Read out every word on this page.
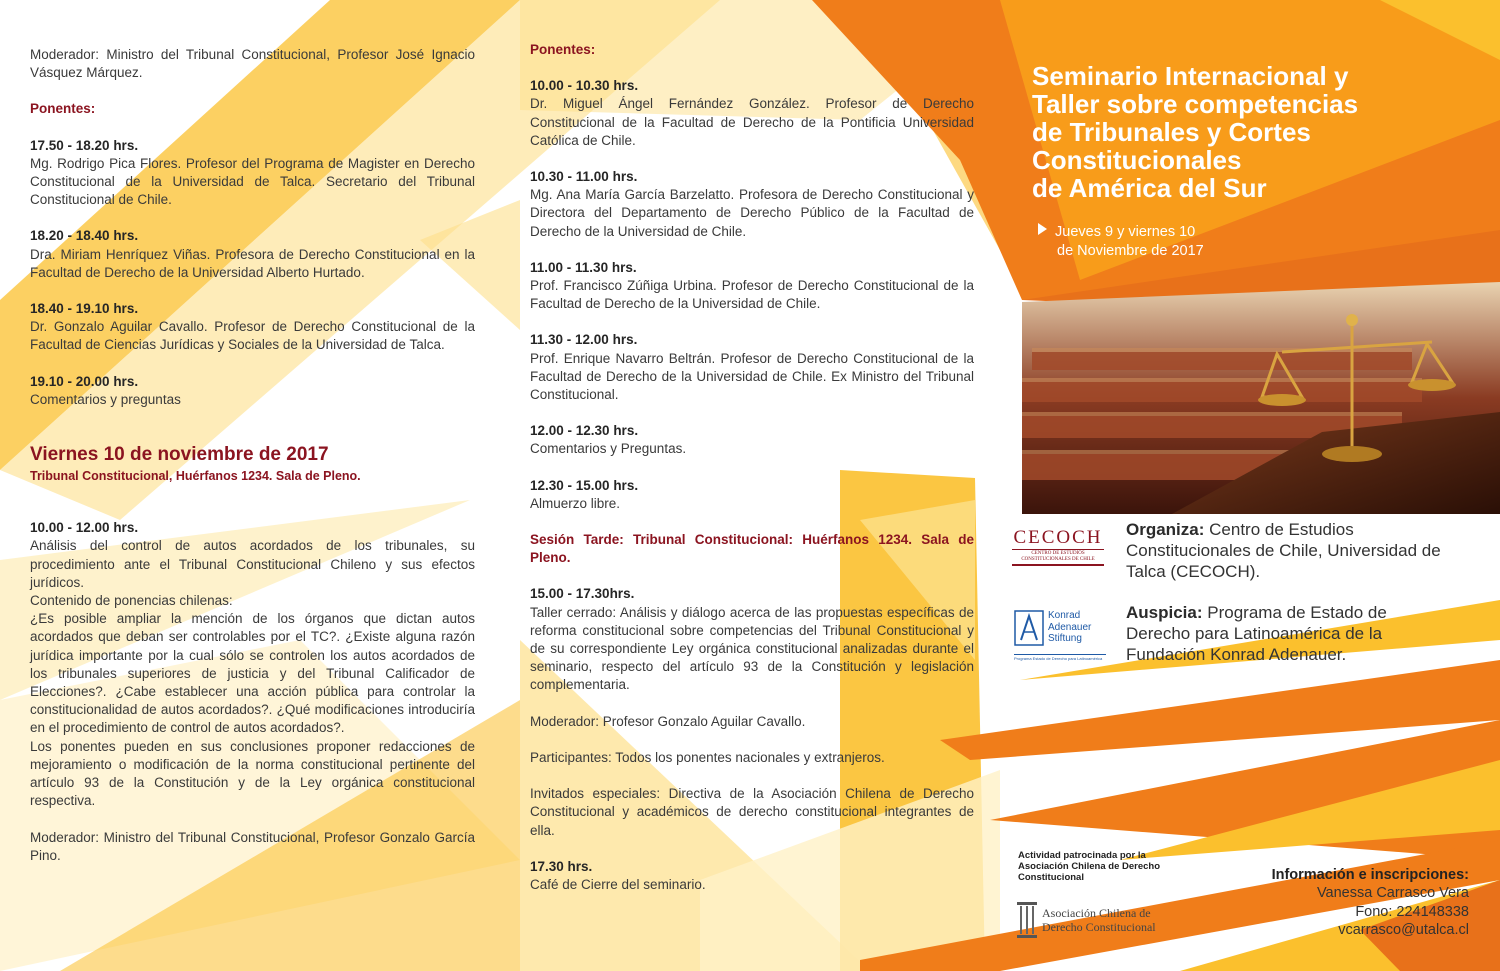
Moderador: Ministro del Tribunal Constitucional, Profesor José Ignacio Vásquez Márquez.

Ponentes:

17.50 - 18.20 hrs.

Mg. Rodrigo Pica Flores. Profesor del Programa de Magister en Derecho Constitucional de la Universidad de Talca. Secretario del Tribunal Constitucional de Chile.

18.20 - 18.40 hrs.

Dra. Miriam Henríquez Viñas. Profesora de Derecho Constitucional en la Facultad de Derecho de la Universidad Alberto Hurtado.

18.40 - 19.10 hrs.

Dr. Gonzalo Aguilar Cavallo. Profesor de Derecho Constitucional de la Facultad de Ciencias Jurídicas y Sociales de la Universidad de Talca.

19.10 - 20.00 hrs.

Comentarios y preguntas

Viernes 10 de noviembre de 2017

Tribunal Constitucional, Huérfanos 1234. Sala de Pleno.

10.00 - 12.00 hrs.

Análisis del control de autos acordados de los tribunales, su procedimiento ante el Tribunal Constitucional Chileno y sus efectos jurídicos.

Contenido de ponencias chilenas:

¿Es posible ampliar la mención de los órganos que dictan autos acordados que deban ser controlables por el TC?. ¿Existe alguna razón jurídica importante por la cual sólo se controlen los autos acordados de los tribunales superiores de justicia y del Tribunal Calificador de Elecciones?. ¿Cabe establecer una acción pública para controlar la constitucionalidad de autos acordados?. ¿Qué modificaciones introduciría en el procedimiento de control de autos acordados?.

Los ponentes pueden en sus conclusiones proponer redacciones de mejoramiento o modificación de la norma constitucional pertinente del artículo 93 de la Constitución y de la Ley orgánica constitucional respectiva.

Moderador: Ministro del Tribunal Constitucional, Profesor Gonzalo García Pino.

Ponentes:

10.00 - 10.30 hrs.

Dr. Miguel Ángel Fernández González. Profesor de Derecho Constitucional de la Facultad de Derecho de la Pontificia Universidad Católica de Chile.

10.30 - 11.00 hrs.

Mg. Ana María García Barzelatto. Profesora de Derecho Constitucional y Directora del Departamento de Derecho Público de la Facultad de Derecho de la Universidad de Chile.

11.00 - 11.30 hrs.

Prof. Francisco Zúñiga Urbina. Profesor de Derecho Constitucional de la Facultad de Derecho de la Universidad de Chile.

11.30 - 12.00 hrs.

Prof. Enrique Navarro Beltrán. Profesor de Derecho Constitucional de la Facultad de Derecho de la Universidad de Chile. Ex Ministro del Tribunal Constitucional.

12.00 - 12.30 hrs.

Comentarios y Preguntas.

12.30 - 15.00 hrs.

Almuerzo libre.

Sesión Tarde: Tribunal Constitucional: Huérfanos 1234. Sala de Pleno.

15.00 - 17.30hrs.

Taller cerrado: Análisis y diálogo acerca de las propuestas específicas de reforma constitucional sobre competencias del Tribunal Constitucional y de su correspondiente Ley orgánica constitucional analizadas durante el seminario, respecto del artículo 93 de la Constitución y legislación complementaria.

Moderador: Profesor Gonzalo Aguilar Cavallo.

Participantes: Todos los ponentes nacionales y extranjeros.

Invitados especiales: Directiva de la Asociación Chilena de Derecho Constitucional y académicos de derecho constitucional integrantes de ella.

17.30 hrs.

Café de Cierre del seminario.

Seminario Internacional y
Taller sobre competencias
de Tribunales y Cortes
Constitucionales
de América del Sur
Jueves 9 y viernes 10
de Noviembre de 2017
CECOCH
CENTRO DE ESTUDIOS CONSTITUCIONALES DE CHILE
Organiza: Centro de Estudios Constitucionales de Chile, Universidad de Talca (CECOCH).
Konrad
Adenauer
Stiftung
Programa Estado de Derecho para Latinoamérica
Auspicia: Programa de Estado de Derecho para Latinoamérica de la Fundación Konrad Adenauer.
Actividad patrocinada por la Asociación Chilena de Derecho Constitucional
Asociación Chilena de
Derecho Constitucional
Información e inscripciones:
Vanessa Carrasco Vera
Fono: 224148338
vcarrasco@utalca.cl
